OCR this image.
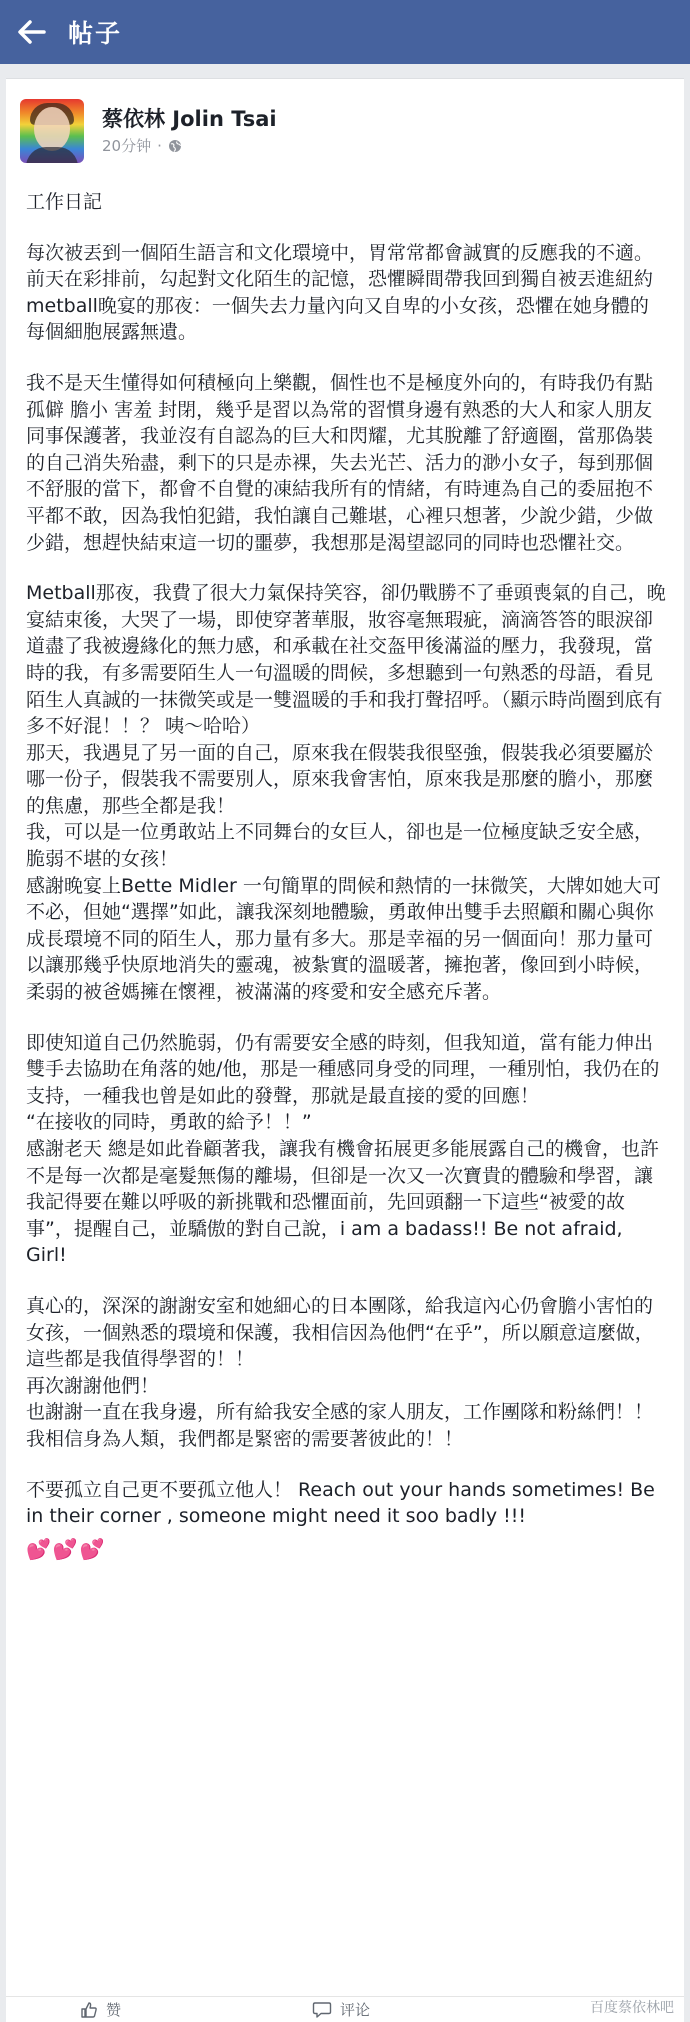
帖子
蔡依林 Jolin Tsai
20分钟 ·

工作日記

每次被丟到一個陌生語言和文化環境中，胃常常都會誠實的反應我的不適。
前天在彩排前，勾起對文化陌生的記憶，恐懼瞬間帶我回到獨自被丟進紐約metball晚宴的那夜：一個失去力量內向又自卑的小女孩，恐懼在她身體的每個細胞展露無遺。

我不是天生懂得如何積極向上樂觀，個性也不是極度外向的，有時我仍有點孤僻 膽小 害羞 封閉，幾乎是習以為常的習慣身邊有熟悉的大人和家人朋友同事保護著，我並沒有自認為的巨大和閃耀，尤其脫離了舒適圈，當那偽裝的自己消失殆盡，剩下的只是赤裸，失去光芒、活力的渺小女子，每到那個不舒服的當下，都會不自覺的凍結我所有的情緒，有時連為自己的委屈抱不平都不敢，因為我怕犯錯，我怕讓自己難堪，心裡只想著，少說少錯，少做少錯，想趕快結束這一切的噩夢，我想那是渴望認同的同時也恐懼社交。

Metball那夜，我費了很大力氣保持笑容，卻仍戰勝不了垂頭喪氣的自己，晚宴結束後，大哭了一場，即使穿著華服，妝容毫無瑕疵，滴滴答答的眼淚卻道盡了我被邊緣化的無力感，和承載在社交盔甲後滿溢的壓力，我發現，當時的我，有多需要陌生人一句溫暖的問候，多想聽到一句熟悉的母語，看見陌生人真誠的一抹微笑或是一雙溫暖的手和我打聲招呼。（顯示時尚圈到底有多不好混！！？ 咦～哈哈）
那天，我遇見了另一面的自己，原來我在假裝我很堅強，假裝我必須要屬於哪一份子，假裝我不需要別人，原來我會害怕，原來我是那麼的膽小，那麼的焦慮，那些全都是我！
我，可以是一位勇敢站上不同舞台的女巨人，卻也是一位極度缺乏安全感，脆弱不堪的女孩！
感謝晚宴上Bette Midler 一句簡單的問候和熱情的一抹微笑，大牌如她大可不必，但她“選擇”如此，讓我深刻地體驗，勇敢伸出雙手去照顧和關心與你成長環境不同的陌生人，那力量有多大。那是幸福的另一個面向！那力量可以讓那幾乎快原地消失的靈魂，被紮實的溫暖著，擁抱著，像回到小時候，柔弱的被爸媽擁在懷裡，被滿滿的疼愛和安全感充斥著。

即使知道自己仍然脆弱，仍有需要安全感的時刻，但我知道，當有能力伸出雙手去協助在角落的她/他，那是一種感同身受的同理，一種別怕，我仍在的支持，一種我也曾是如此的發聲，那就是最直接的愛的回應！
“在接收的同時，勇敢的給予！！”
感謝老天 總是如此眷顧著我，讓我有機會拓展更多能展露自己的機會，也許不是每一次都是毫髮無傷的離場，但卻是一次又一次寶貴的體驗和學習，讓我記得要在難以呼吸的新挑戰和恐懼面前，先回頭翻一下這些“被愛的故事”，提醒自己，並驕傲的對自己說，i am a badass!! Be not afraid, Girl!

真心的，深深的謝謝安室和她細心的日本團隊，給我這內心仍會膽小害怕的女孩，一個熟悉的環境和保護，我相信因為他們“在乎”，所以願意這麼做，這些都是我值得學習的！！
再次謝謝他們！
也謝謝一直在我身邊，所有給我安全感的家人朋友，工作團隊和粉絲們！！我相信身為人類，我們都是緊密的需要著彼此的！！

不要孤立自己更不要孤立他人！ Reach out your hands sometimes! Be in their corner , someone might need it soo badly !!!

💕 💕 💕
赞	评论	百度蔡依林吧
